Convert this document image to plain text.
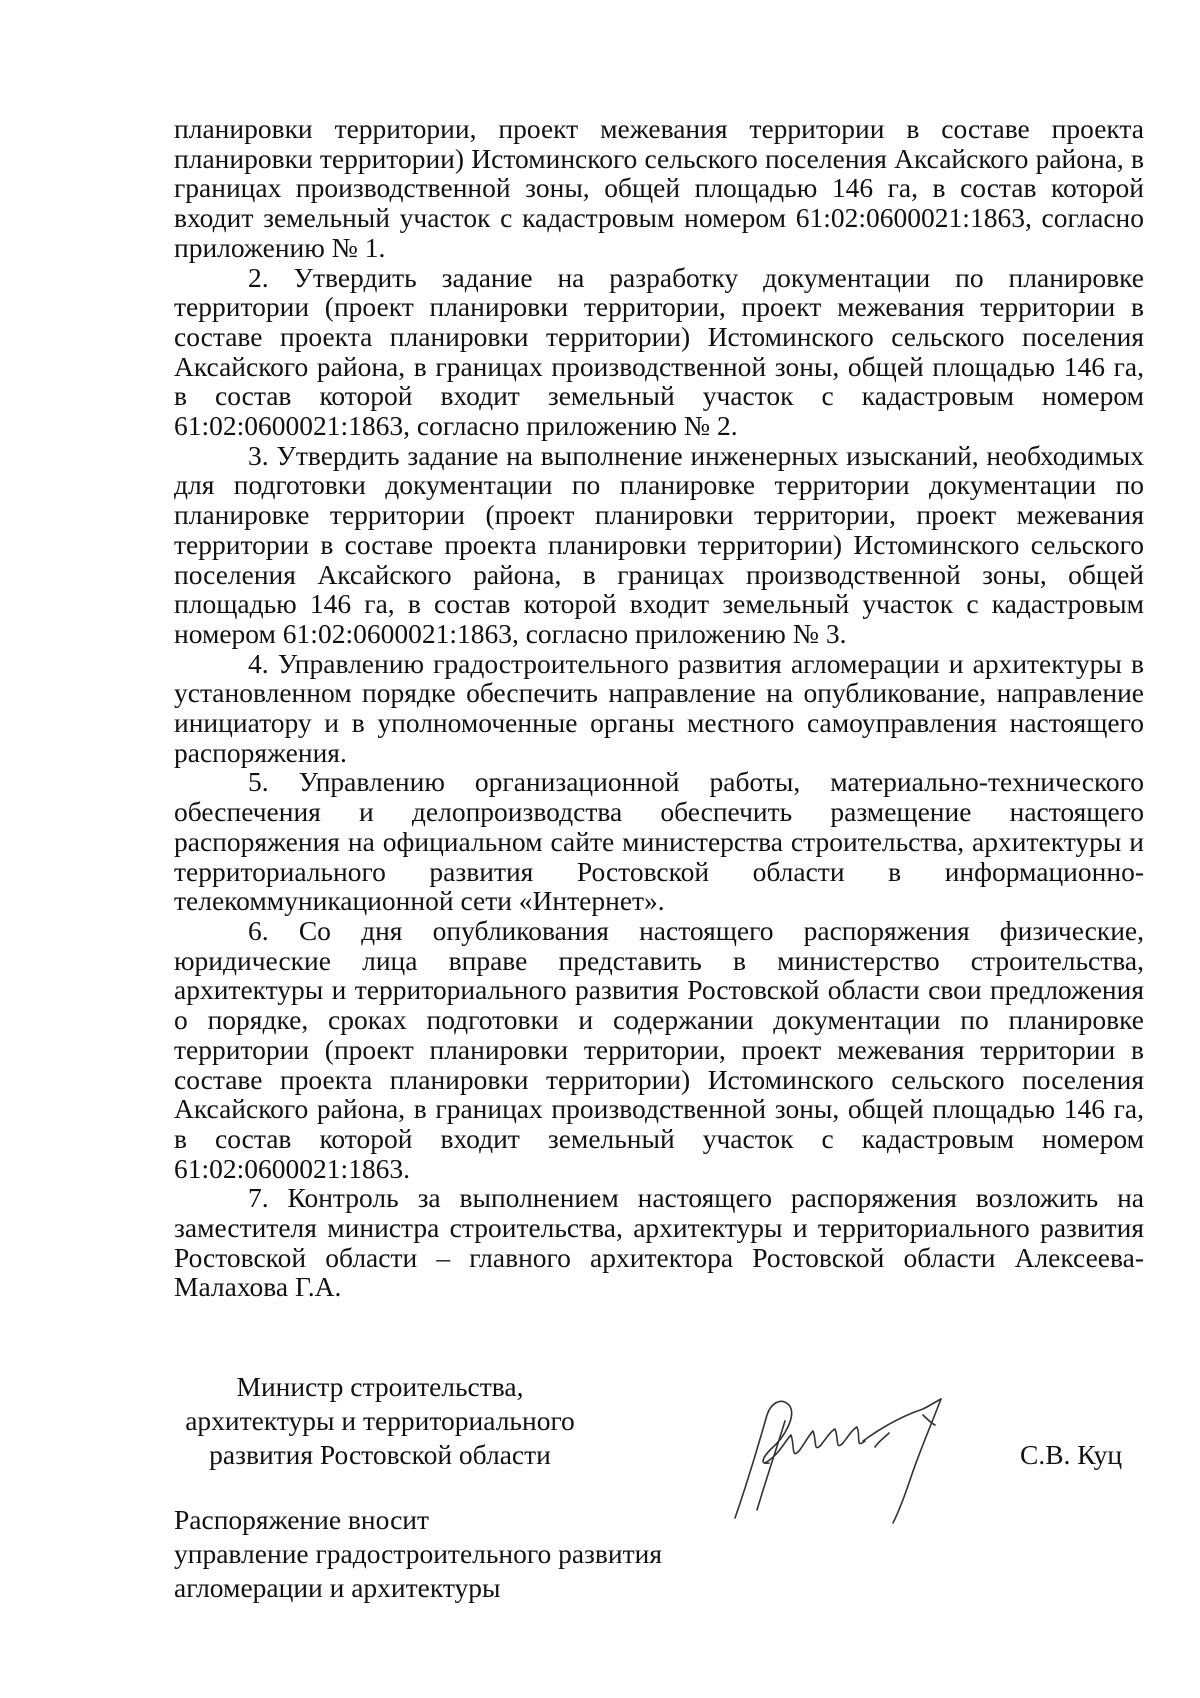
планировки территории, проект межевания территории в составе проекта планировки территории) Истоминского сельского поселения Аксайского района, в границах производственной зоны, общей площадью 146 га, в состав которой входит земельный участок с кадастровым номером 61:02:0600021:1863, согласно приложению № 1.

2. Утвердить задание на разработку документации по планировке территории (проект планировки территории, проект межевания территории в составе проекта планировки территории) Истоминского сельского поселения Аксайского района, в границах производственной зоны, общей площадью 146 га, в состав которой входит земельный участок с кадастровым номером 61:02:0600021:1863, согласно приложению № 2.

3. Утвердить задание на выполнение инженерных изысканий, необходимых для подготовки документации по планировке территории документации по планировке территории (проект планировки территории, проект межевания территории в составе проекта планировки территории) Истоминского сельского поселения Аксайского района, в границах производственной зоны, общей площадью 146 га, в состав которой входит земельный участок с кадастровым номером 61:02:0600021:1863, согласно приложению № 3.

4. Управлению градостроительного развития агломерации и архитектуры в установленном порядке обеспечить направление на опубликование, направление инициатору и в уполномоченные органы местного самоуправления настоящего распоряжения.

5. Управлению организационной работы, материально-технического обеспечения и делопроизводства обеспечить размещение настоящего распоряжения на официальном сайте министерства строительства, архитектуры и территориального развития Ростовской области в информационно-телекоммуникационной сети «Интернет».

6. Со дня опубликования настоящего распоряжения физические, юридические лица вправе представить в министерство строительства, архитектуры и территориального развития Ростовской области свои предложения о порядке, сроках подготовки и содержании документации по планировке территории (проект планировки территории, проект межевания территории в составе проекта планировки территории) Истоминского сельского поселения Аксайского района, в границах производственной зоны, общей площадью 146 га, в состав которой входит земельный участок с кадастровым номером 61:02:0600021:1863.

7. Контроль за выполнением настоящего распоряжения возложить на заместителя министра строительства, архитектуры и территориального развития Ростовской области – главного архитектора Ростовской области Алексеева-Малахова Г.А.

Министр строительства,
архитектуры и территориального
развития Ростовской области	С.В. Куц
Распоряжение вносит
управление градостроительного развития
агломерации и архитектуры
